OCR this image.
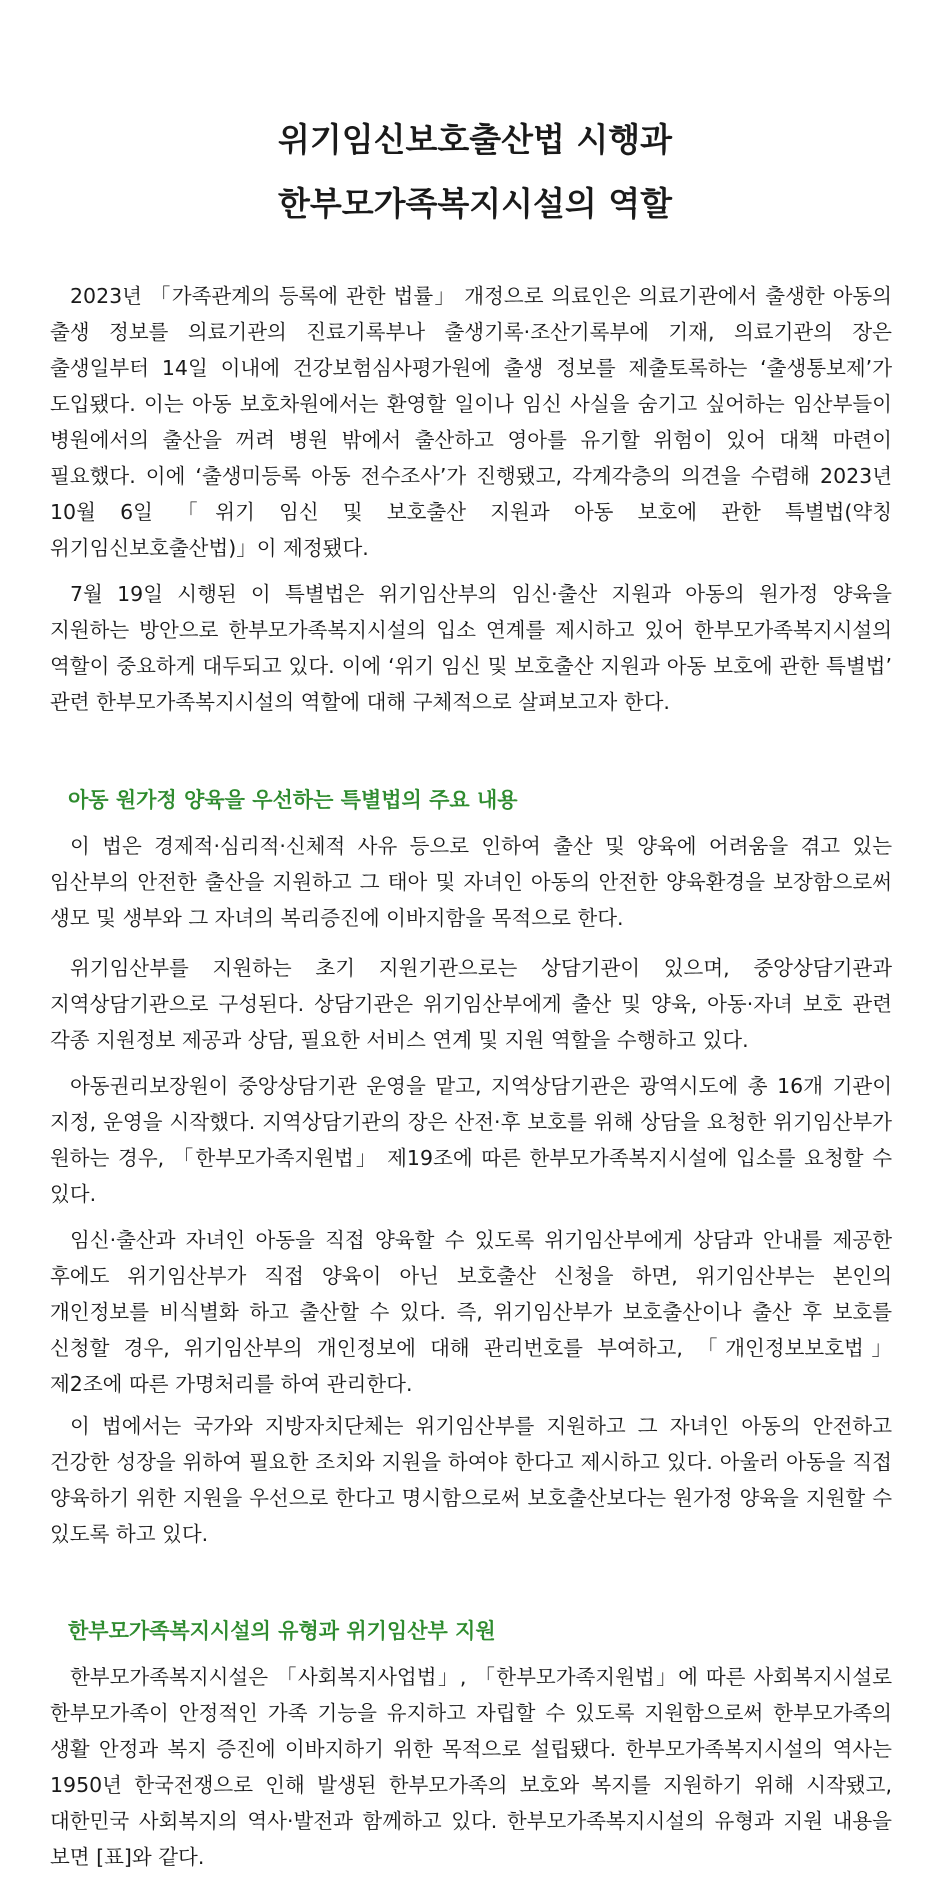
위기임신보호출산법 시행과
한부모가족복지시설의 역할

2023년 「가족관계의 등록에 관한 법률」 개정으로 의료인은 의료기관에서 출생한 아동의 출생 정보를 의료기관의 진료기록부나 출생기록·조산기록부에 기재, 의료기관의 장은 출생일부터 14일 이내에 건강보험심사평가원에 출생 정보를 제출토록하는 ‘출생통보제’가 도입됐다. 이는 아동 보호차원에서는 환영할 일이나 임신 사실을 숨기고 싶어하는 임산부들이 병원에서의 출산을 꺼려 병원 밖에서 출산하고 영아를 유기할 위험이 있어 대책 마련이 필요했다. 이에 ‘출생미등록 아동 전수조사’가 진행됐고, 각계각층의 의견을 수렴해 2023년 10월 6일 「위기 임신 및 보호출산 지원과 아동 보호에 관한 특별법(약칭 위기임신보호출산법)」이 제정됐다.

7월 19일 시행된 이 특별법은 위기임산부의 임신·출산 지원과 아동의 원가정 양육을 지원하는 방안으로 한부모가족복지시설의 입소 연계를 제시하고 있어 한부모가족복지시설의 역할이 중요하게 대두되고 있다. 이에 ‘위기 임신 및 보호출산 지원과 아동 보호에 관한 특별법’ 관련 한부모가족복지시설의 역할에 대해 구체적으로 살펴보고자 한다.

아동 원가정 양육을 우선하는 특별법의 주요 내용

이 법은 경제적·심리적·신체적 사유 등으로 인하여 출산 및 양육에 어려움을 겪고 있는 임산부의 안전한 출산을 지원하고 그 태아 및 자녀인 아동의 안전한 양육환경을 보장함으로써 생모 및 생부와 그 자녀의 복리증진에 이바지함을 목적으로 한다.

위기임산부를 지원하는 초기 지원기관으로는 상담기관이 있으며, 중앙상담기관과 지역상담기관으로 구성된다. 상담기관은 위기임산부에게 출산 및 양육, 아동·자녀 보호 관련 각종 지원정보 제공과 상담, 필요한 서비스 연계 및 지원 역할을 수행하고 있다.

아동권리보장원이 중앙상담기관 운영을 맡고, 지역상담기관은 광역시도에 총 16개 기관이 지정, 운영을 시작했다. 지역상담기관의 장은 산전·후 보호를 위해 상담을 요청한 위기임산부가 원하는 경우, 「한부모가족지원법」 제19조에 따른 한부모가족복지시설에 입소를 요청할 수 있다.

임신·출산과 자녀인 아동을 직접 양육할 수 있도록 위기임산부에게 상담과 안내를 제공한 후에도 위기임산부가 직접 양육이 아닌 보호출산 신청을 하면, 위기임산부는 본인의 개인정보를 비식별화 하고 출산할 수 있다. 즉, 위기임산부가 보호출산이나 출산 후 보호를 신청할 경우, 위기임산부의 개인정보에 대해 관리번호를 부여하고, 「개인정보보호법」 제2조에 따른 가명처리를 하여 관리한다.

이 법에서는 국가와 지방자치단체는 위기임산부를 지원하고 그 자녀인 아동의 안전하고 건강한 성장을 위하여 필요한 조치와 지원을 하여야 한다고 제시하고 있다. 아울러 아동을 직접 양육하기 위한 지원을 우선으로 한다고 명시함으로써 보호출산보다는 원가정 양육을 지원할 수 있도록 하고 있다.

한부모가족복지시설의 유형과 위기임산부 지원

한부모가족복지시설은 「사회복지사업법」, 「한부모가족지원법」에 따른 사회복지시설로 한부모가족이 안정적인 가족 기능을 유지하고 자립할 수 있도록 지원함으로써 한부모가족의 생활 안정과 복지 증진에 이바지하기 위한 목적으로 설립됐다. 한부모가족복지시설의 역사는 1950년 한국전쟁으로 인해 발생된 한부모가족의 보호와 복지를 지원하기 위해 시작됐고, 대한민국 사회복지의 역사·발전과 함께하고 있다. 한부모가족복지시설의 유형과 지원 내용을 보면 [표]와 같다.
